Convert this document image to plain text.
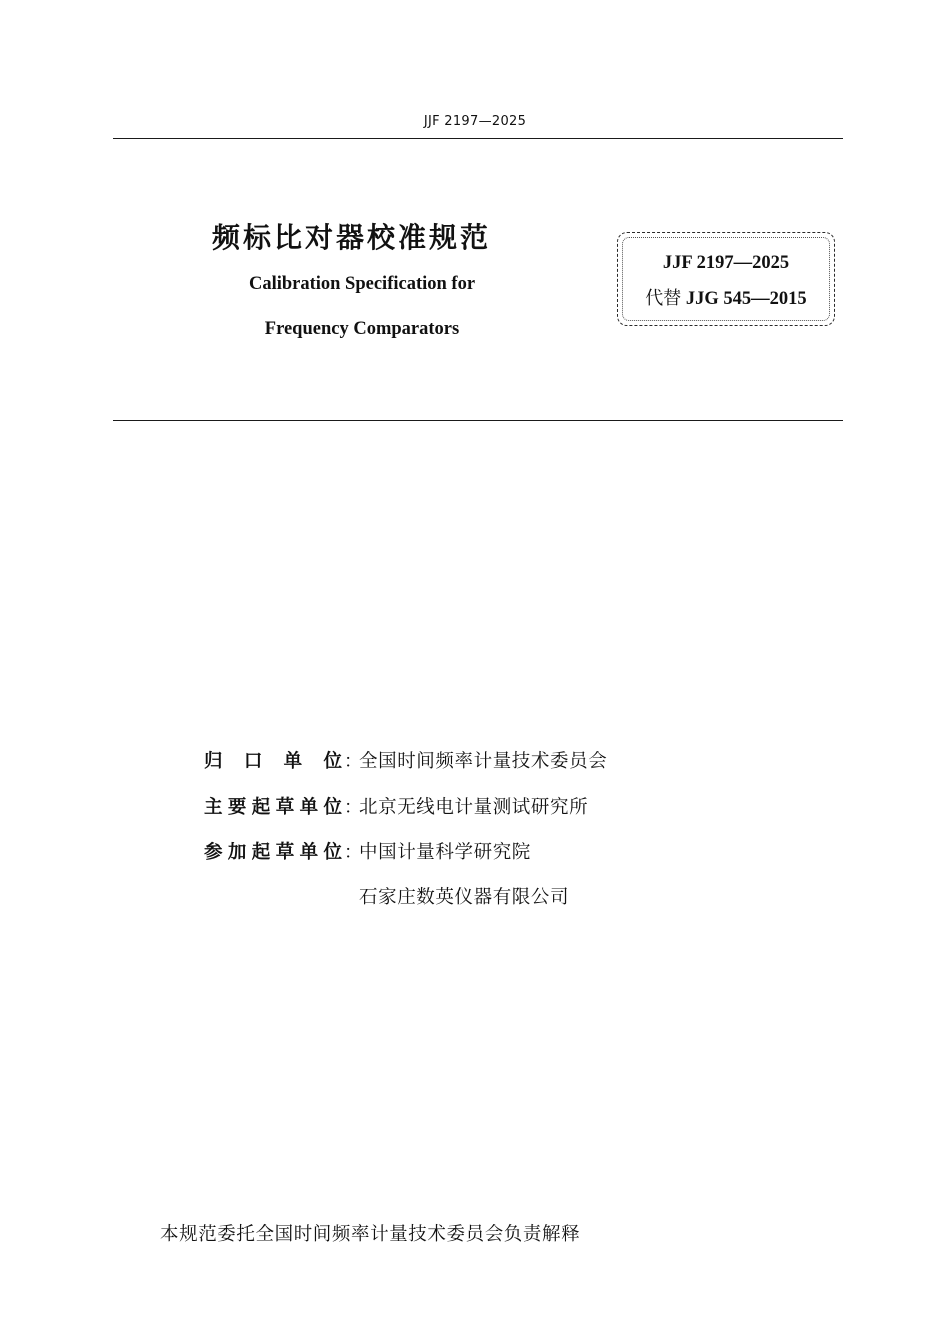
JJF 2197—2025
频标比对器校准规范
Calibration Specification for
Frequency Comparators
JJF 2197—2025
代替 JJG 545—2015
归口单位 ：
全国时间频率计量技术委员会
主要起草单位 ：
北京无线电计量测试研究所
参加起草单位 ：
中国计量科学研究院
石家庄数英仪器有限公司
本规范委托全国时间频率计量技术委员会负责解释
